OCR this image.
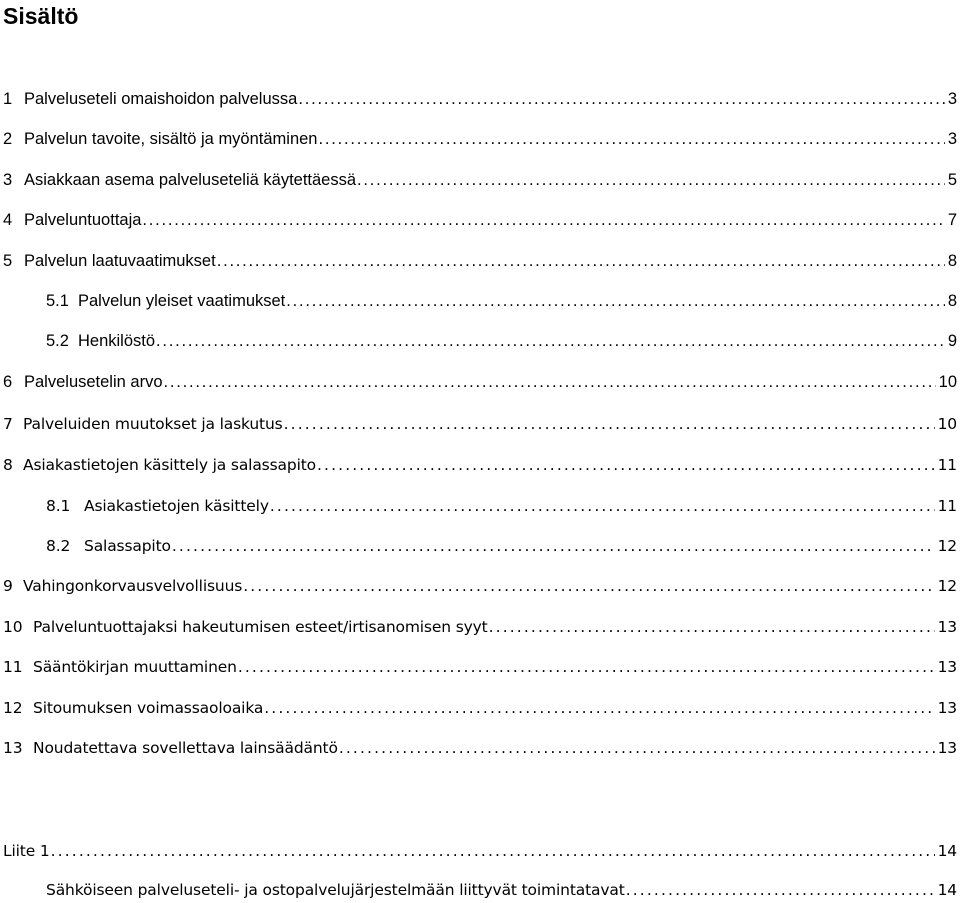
Sisältö
1 Palveluseteli omaishoidon palvelussa . . .	3
2 Palvelun tavoite, sisältö ja myöntäminen . . .	3
3 Asiakkaan asema palveluseteliä käytettäessä . . .	5
4 Palveluntuottaja . . .	7
5 Palvelun laatuvaatimukset . . .	8
5.1 Palvelun yleiset vaatimukset . . .	8
5.2 Henkilöstö . . .	9
6 Palvelusetelin arvo . . .	10
7 Palveluiden muutokset ja laskutus . . .	10
8 Asiakastietojen käsittely ja salassapito . . .	11
8.1 Asiakastietojen käsittely . . .	11
8.2 Salassapito . . .	12
9 Vahingonkorvausvelvollisuus . . .	12
10 Palveluntuottajaksi hakeutumisen esteet/irtisanomisen syyt . . .	13
11 Sääntökirjan muuttaminen . . .	13
12 Sitoumuksen voimassaoloaika . . .	13
13 Noudatettava sovellettava lainsäädäntö . . .	13
Liite 1 . . .	14
Sähköiseen palveluseteli- ja ostopalvelujärjestelmään liittyvät toimintatavat . . .	14
